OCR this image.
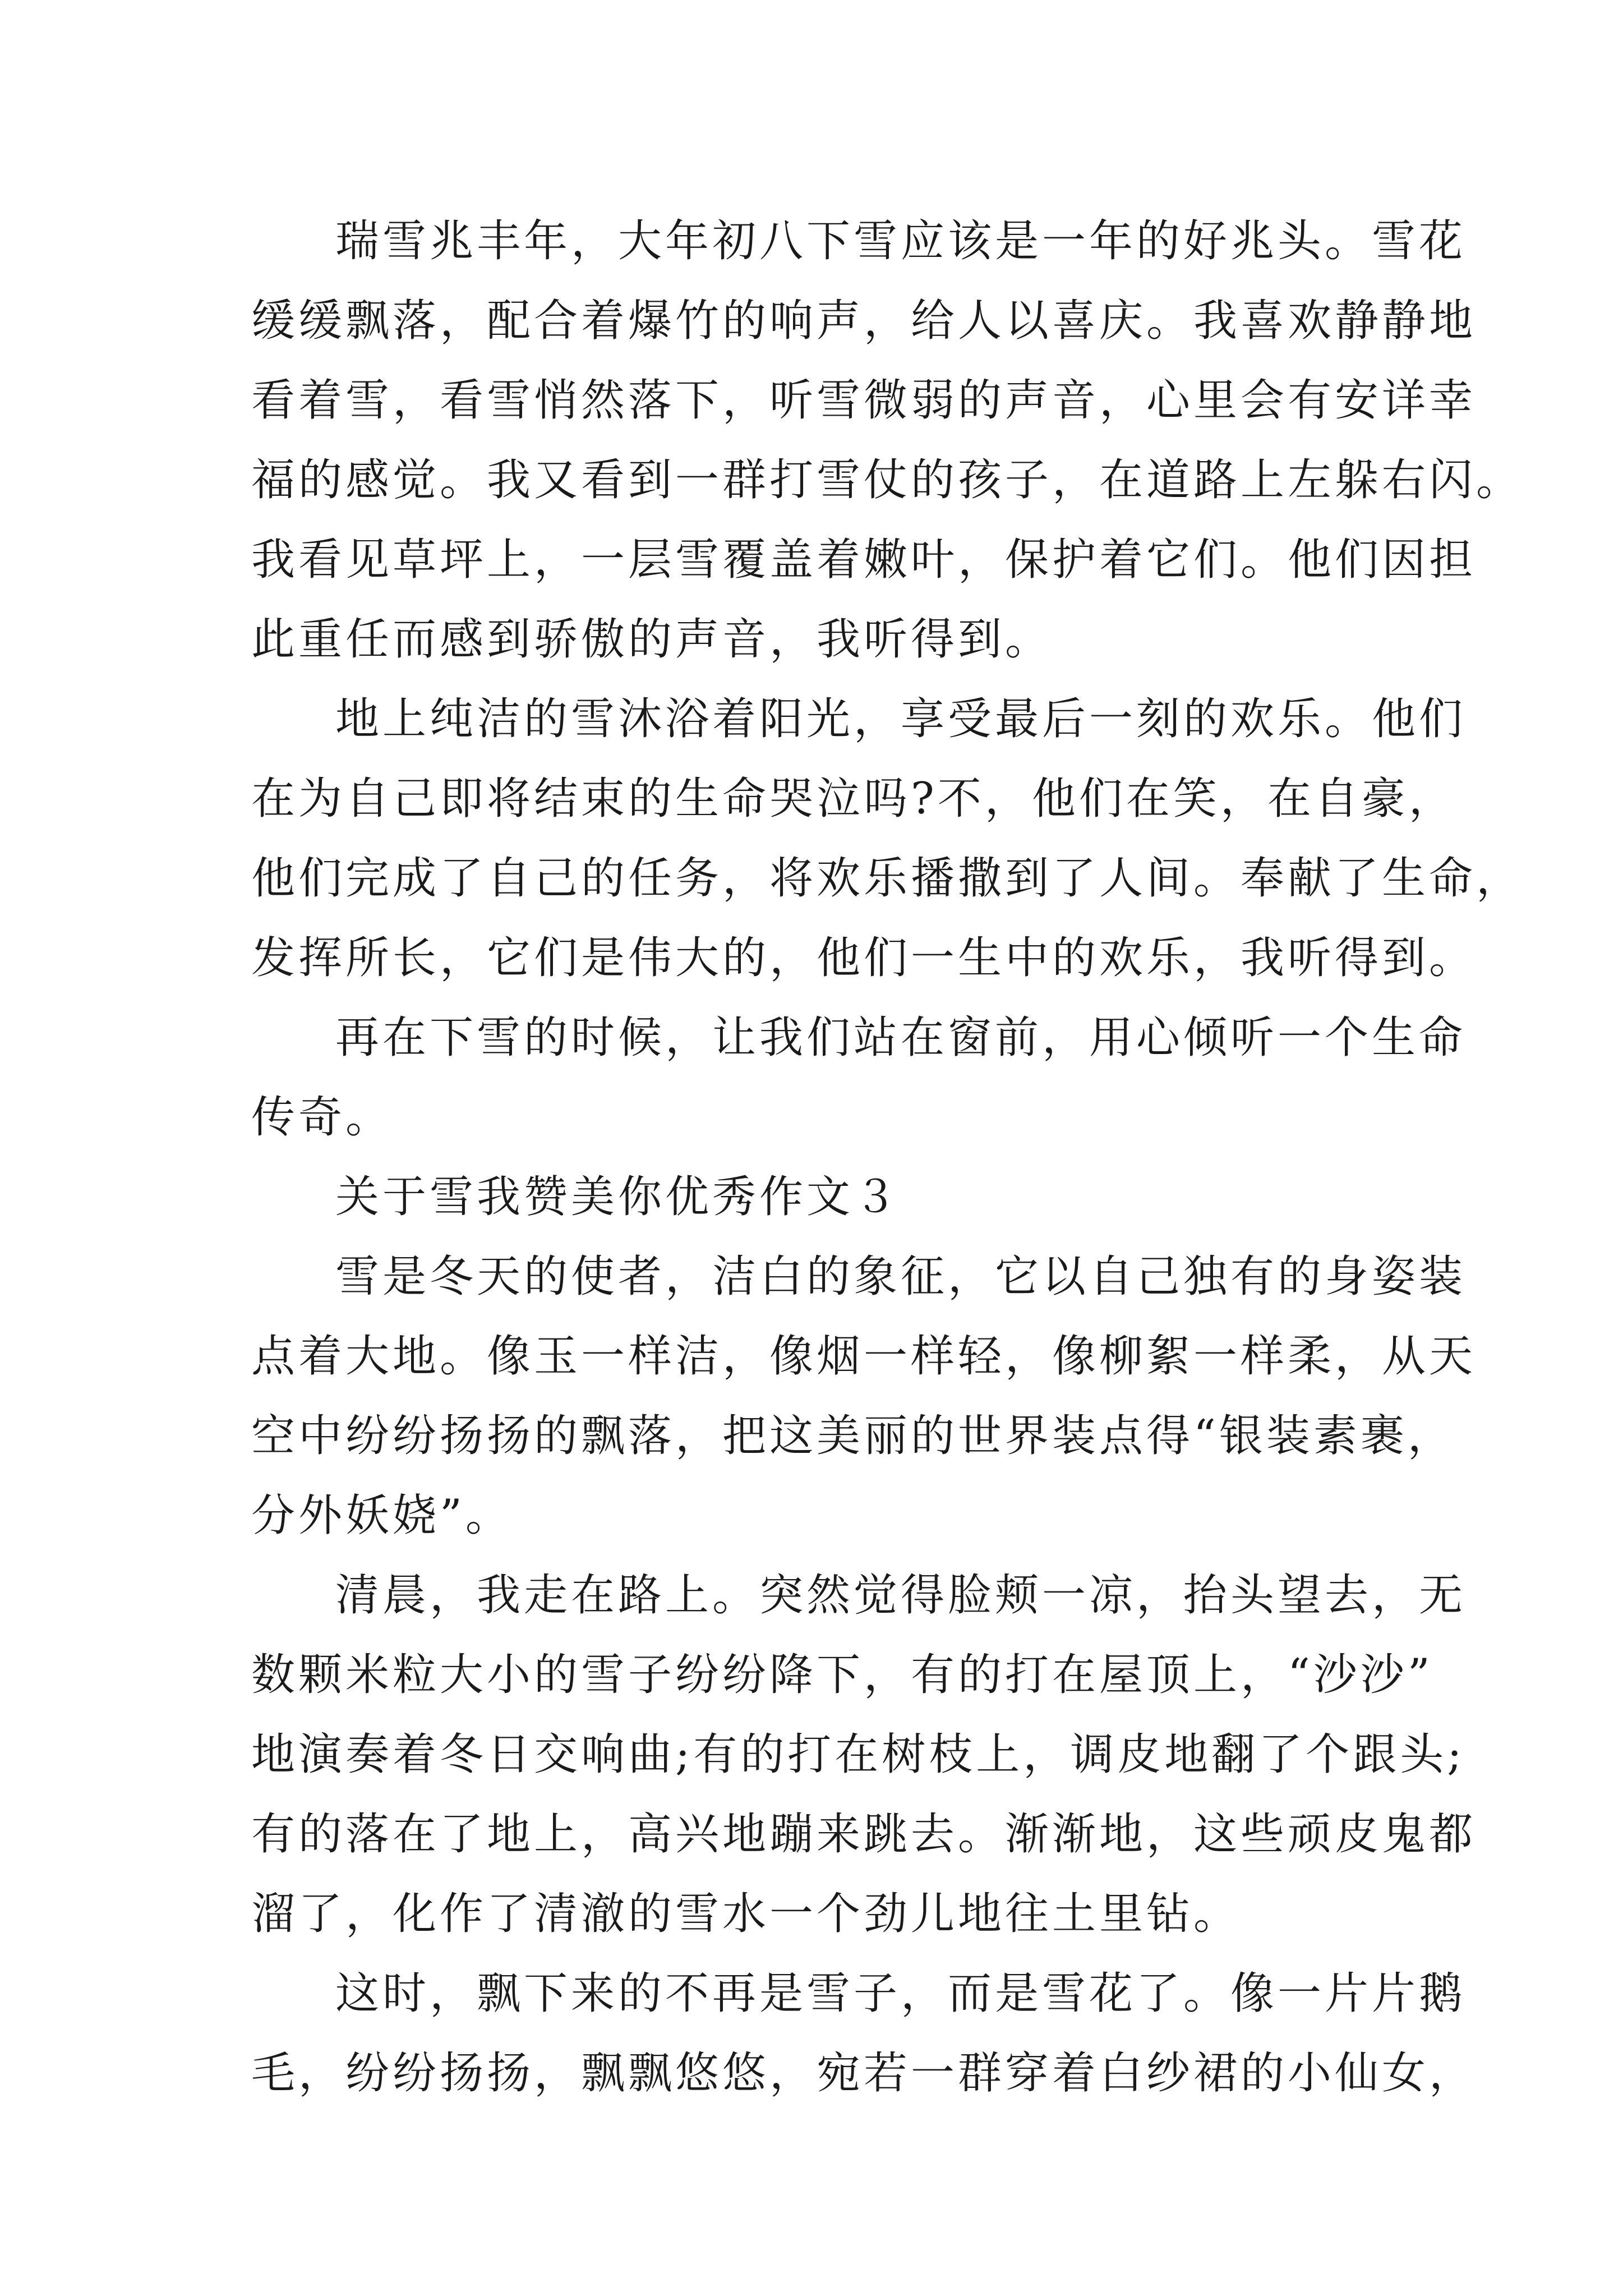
瑞雪兆丰年，大年初八下雪应该是一年的好兆头。雪花
缓缓飘落，配合着爆竹的响声，给人以喜庆。我喜欢静静地
看着雪，看雪悄然落下，听雪微弱的声音，心里会有安详幸
福的感觉。我又看到一群打雪仗的孩子，在道路上左躲右闪。
我看见草坪上，一层雪覆盖着嫩叶，保护着它们。他们因担
此重任而感到骄傲的声音，我听得到。
地上纯洁的雪沐浴着阳光，享受最后一刻的欢乐。他们
在为自己即将结束的生命哭泣吗?不，他们在笑，在自豪，
他们完成了自己的任务，将欢乐播撒到了人间。奉献了生命，
发挥所长，它们是伟大的，他们一生中的欢乐，我听得到。
再在下雪的时候，让我们站在窗前，用心倾听一个生命
传奇。
关于雪我赞美你优秀作文３
雪是冬天的使者，洁白的象征，它以自己独有的身姿装
点着大地。像玉一样洁，像烟一样轻，像柳絮一样柔，从天
空中纷纷扬扬的飘落，把这美丽的世界装点得“银装素裹，
分外妖娆”。
清晨，我走在路上。突然觉得脸颊一凉，抬头望去，无
数颗米粒大小的雪子纷纷降下，有的打在屋顶上，“沙沙”
地演奏着冬日交响曲;有的打在树枝上，调皮地翻了个跟头;
有的落在了地上，高兴地蹦来跳去。渐渐地，这些顽皮鬼都
溜了，化作了清澈的雪水一个劲儿地往土里钻。
这时，飘下来的不再是雪子，而是雪花了。像一片片鹅
毛，纷纷扬扬，飘飘悠悠，宛若一群穿着白纱裙的小仙女，
